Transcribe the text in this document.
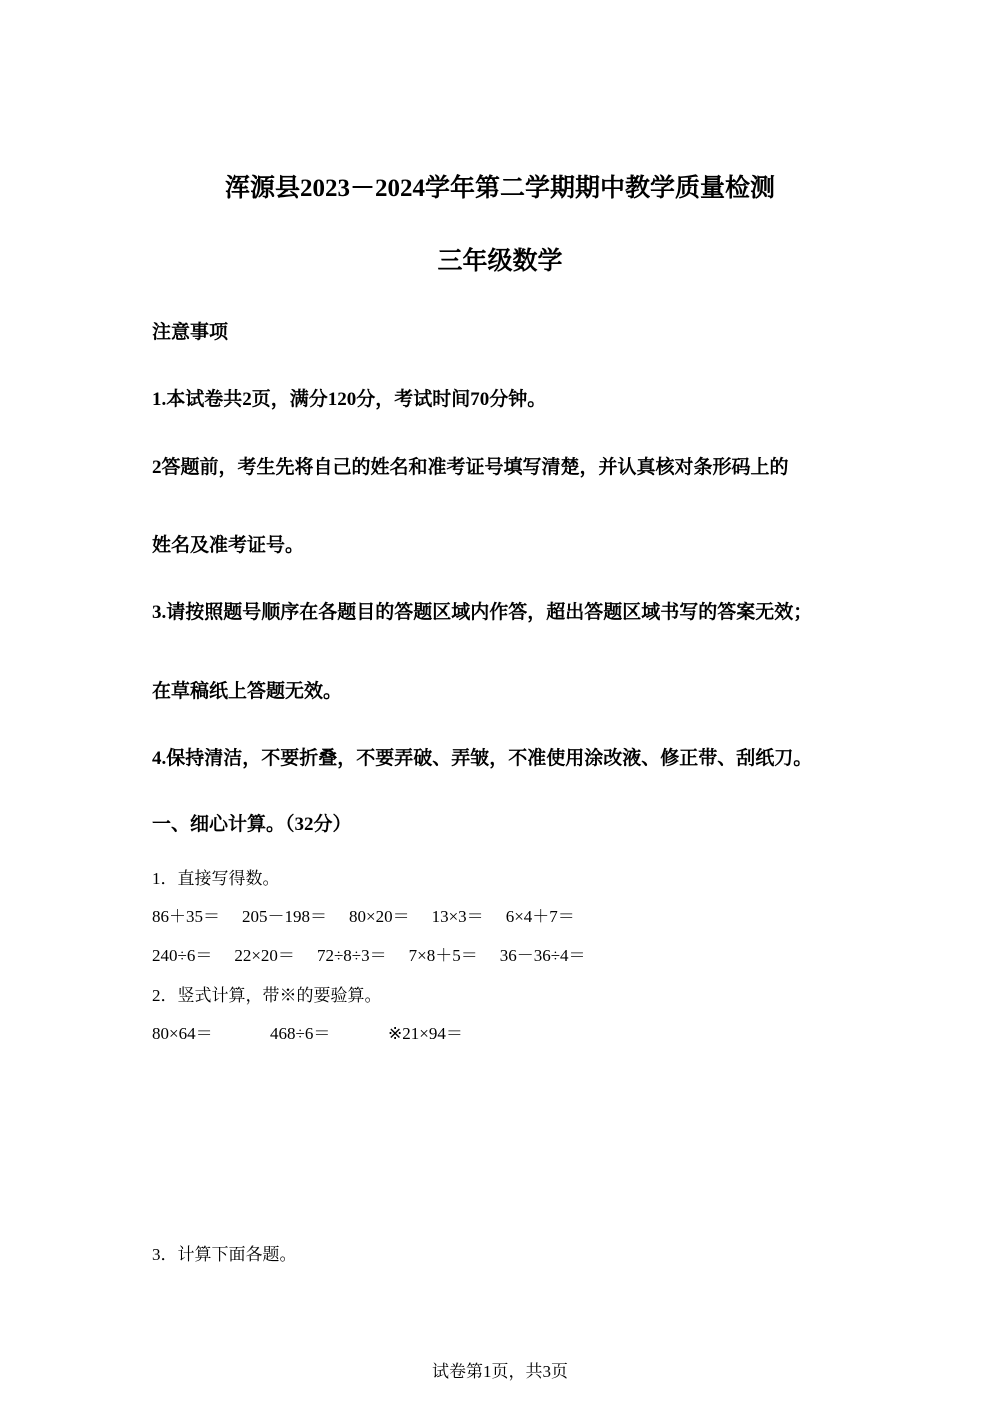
浑源县2023－2024学年第二学期期中教学质量检测
三年级数学
注意事项
1.本试卷共2页，满分120分，考试时间70分钟。
2答题前，考生先将自己的姓名和准考证号填写清楚，并认真核对条形码上的
姓名及准考证号。
3.请按照题号顺序在各题目的答题区域内作答，超出答题区域书写的答案无效；
在草稿纸上答题无效。
4.保持清洁，不要折叠，不要弄破、弄皱，不准使用涂改液、修正带、刮纸刀。
一、细心计算。（32分）
1．直接写得数。
86＋35＝ 205－198＝ 80×20＝ 13×3＝ 6×4＋7＝
240÷6＝ 22×20＝ 72÷8÷3＝ 7×8＋5＝ 36－36÷4＝
2．竖式计算，带※的要验算。
80×64＝	468÷6＝	※21×94＝
3．计算下面各题。
试卷第1页，共3页
